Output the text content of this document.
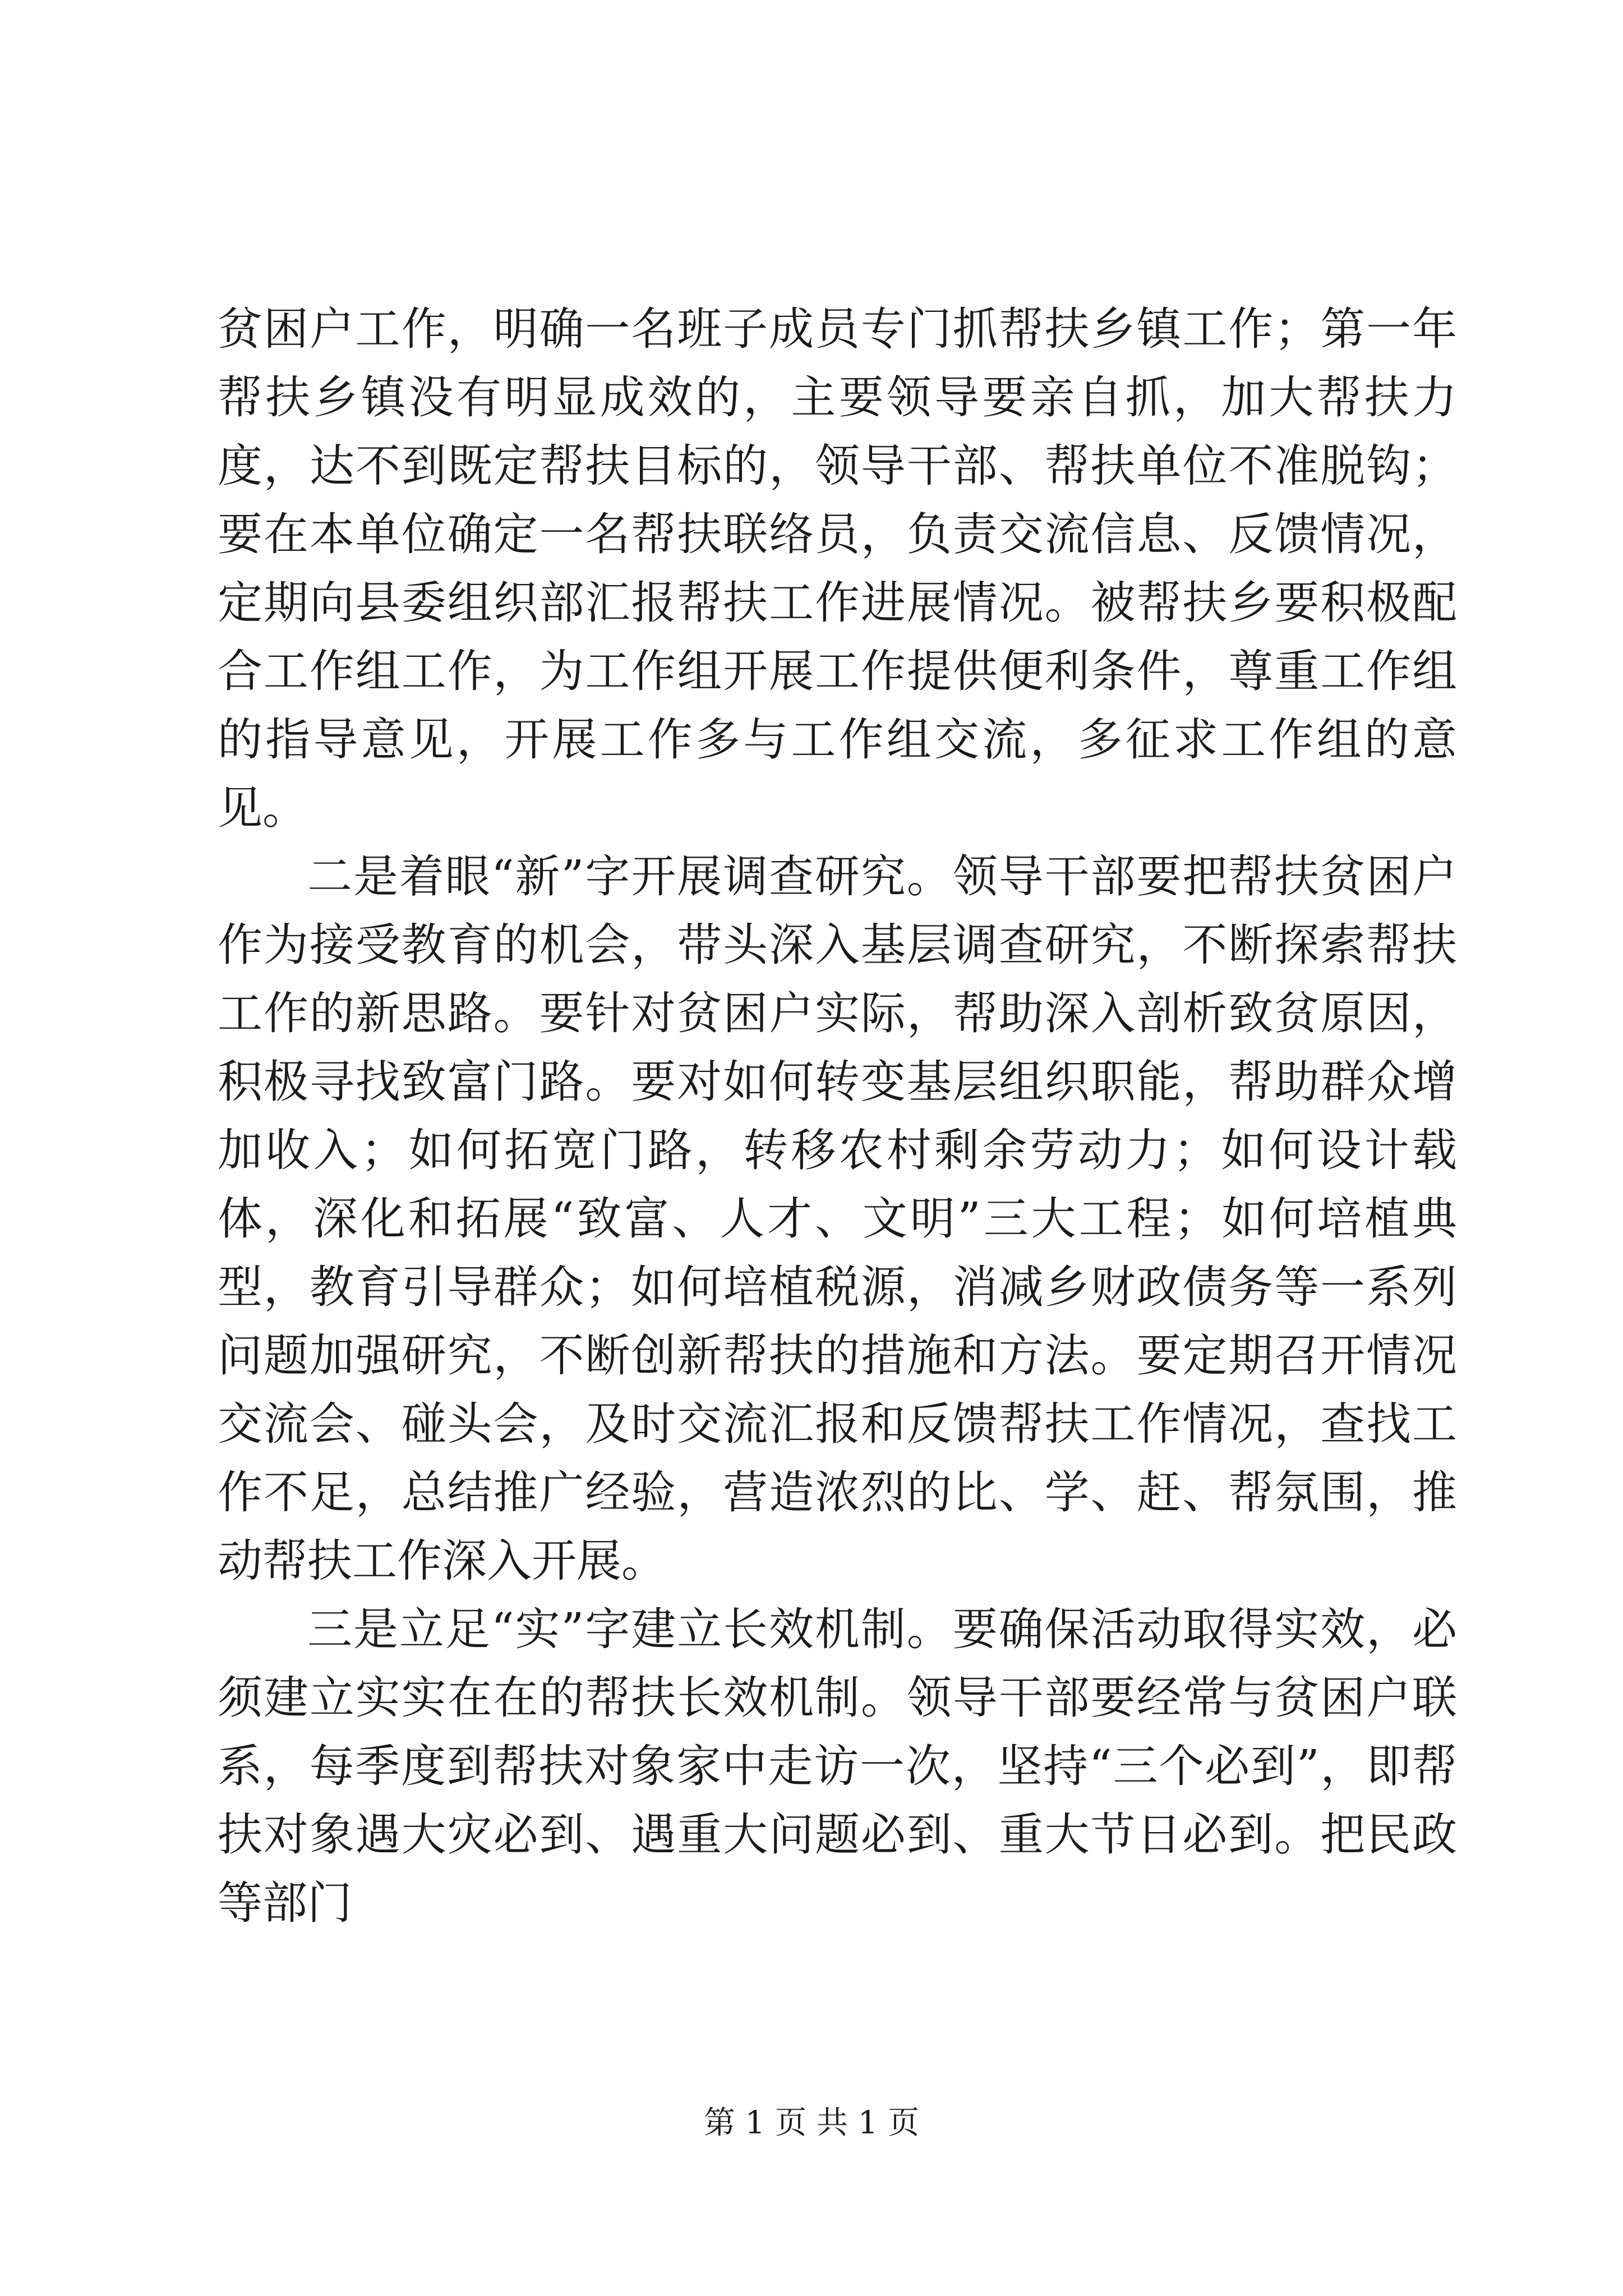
贫困户工作，明确一名班子成员专门抓帮扶乡镇工作；第一年帮扶乡镇没有明显成效的，主要领导要亲自抓，加大帮扶力度，达不到既定帮扶目标的，领导干部、帮扶单位不准脱钩；要在本单位确定一名帮扶联络员，负责交流信息、反馈情况，定期向县委组织部汇报帮扶工作进展情况。被帮扶乡要积极配合工作组工作，为工作组开展工作提供便利条件，尊重工作组的指导意见，开展工作多与工作组交流，多征求工作组的意见。

二是着眼“新”字开展调查研究。领导干部要把帮扶贫困户作为接受教育的机会，带头深入基层调查研究，不断探索帮扶工作的新思路。要针对贫困户实际，帮助深入剖析致贫原因，积极寻找致富门路。要对如何转变基层组织职能，帮助群众增加收入；如何拓宽门路，转移农村剩余劳动力；如何设计载体，深化和拓展“致富、人才、文明”三大工程；如何培植典型，教育引导群众；如何培植税源，消减乡财政债务等一系列问题加强研究，不断创新帮扶的措施和方法。要定期召开情况交流会、碰头会，及时交流汇报和反馈帮扶工作情况，查找工作不足，总结推广经验，营造浓烈的比、学、赶、帮氛围，推动帮扶工作深入开展。

三是立足“实”字建立长效机制。要确保活动取得实效，必须建立实实在在的帮扶长效机制。领导干部要经常与贫困户联系，每季度到帮扶对象家中走访一次，坚持“三个必到”，即帮扶对象遇大灾必到、遇重大问题必到、重大节日必到。把民政等部门

第 1 页 共 1 页
